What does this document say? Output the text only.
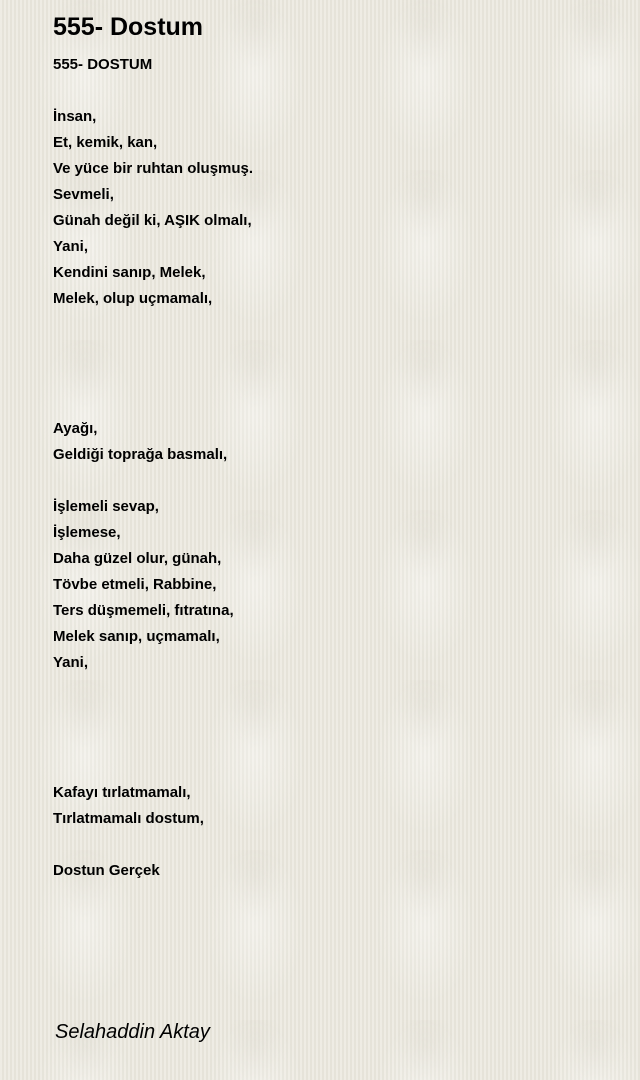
555- Dostum
555- DOSTUM
İnsan,
Et, kemik, kan,
Ve yüce bir ruhtan oluşmuş.
Sevmeli,
Günah değil ki, AŞIK olmalı,
Yani,
Kendini sanıp, Melek,
Melek, olup uçmamalı,
Ayağı,
Geldiği toprağa basmalı,
İşlemeli sevap,
İşlemese,
Daha güzel olur, günah,
Tövbe etmeli, Rabbine,
Ters düşmemeli, fıtratına,
Melek sanıp, uçmamalı,
Yani,
Kafayı tırlatmamalı,
Tırlatmamalı dostum,
Dostun Gerçek
Selahaddin Aktay
